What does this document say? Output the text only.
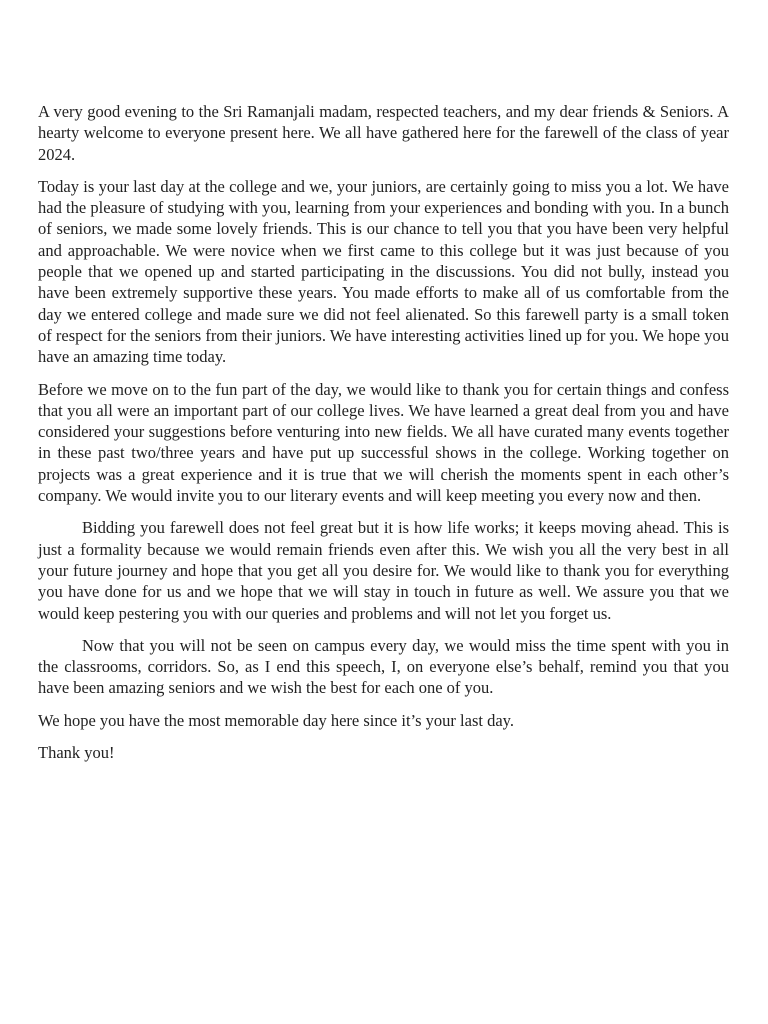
A very good evening to the Sri Ramanjali madam, respected teachers, and my dear friends & Seniors. A hearty welcome to everyone present here. We all have gathered here for the farewell of the class of year 2024.

Today is your last day at the college and we, your juniors, are certainly going to miss you a lot. We have had the pleasure of studying with you, learning from your experiences and bonding with you. In a bunch of seniors, we made some lovely friends. This is our chance to tell you that you have been very helpful and approachable. We were novice when we first came to this college but it was just because of you people that we opened up and started participating in the discussions. You did not bully, instead you have been extremely supportive these years. You made efforts to make all of us comfortable from the day we entered college and made sure we did not feel alienated. So this farewell party is a small token of respect for the seniors from their juniors. We have interesting activities lined up for you. We hope you have an amazing time today.

Before we move on to the fun part of the day, we would like to thank you for certain things and confess that you all were an important part of our college lives. We have learned a great deal from you and have considered your suggestions before venturing into new fields. We all have curated many events together in these past two/three years and have put up successful shows in the college. Working together on projects was a great experience and it is true that we will cherish the moments spent in each other’s company. We would invite you to our literary events and will keep meeting you every now and then.

Bidding you farewell does not feel great but it is how life works; it keeps moving ahead. This is just a formality because we would remain friends even after this. We wish you all the very best in all your future journey and hope that you get all you desire for. We would like to thank you for everything you have done for us and we hope that we will stay in touch in future as well. We assure you that we would keep pestering you with our queries and problems and will not let you forget us.

Now that you will not be seen on campus every day, we would miss the time spent with you in the classrooms, corridors. So, as I end this speech, I, on everyone else’s behalf, remind you that you have been amazing seniors and we wish the best for each one of you.

We hope you have the most memorable day here since it’s your last day.

Thank you!
